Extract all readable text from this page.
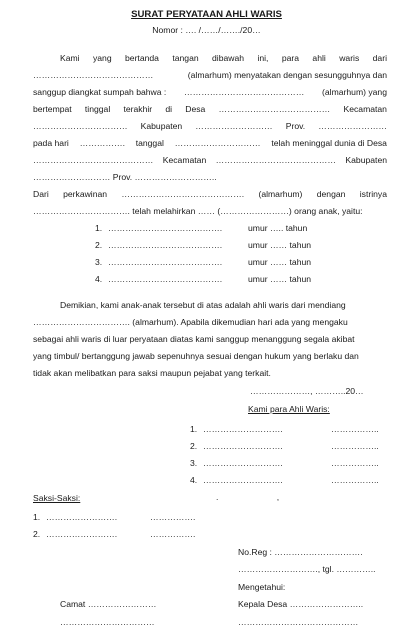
SURAT PERYATAAN AHLI WARIS
Nomor : …. /……/……./20…
Kami yang bertanda tangan dibawah ini, para ahli waris dari
……………………………………	(almarhum) menyatakan dengan sesungguhnya dan
sanggup diangkat sumpah bahwa : …………………………………… (almarhum) yang
bertempat tinggal terakhir di Desa ………………………………… Kecamatan
…………………………… Kabupaten ……………………… Prov. ……………………
pada hari ……………. tanggal ………………………… telah meninggal dunia di Desa
…………………………………… Kecamatan …………………………………… Kabupaten
……………………… Prov. ………………………..
Dari perkawinan ……………………………………. (almarhum) dengan istrinya
……………………………. telah melahirkan …… (……………………) orang anak, yaitu:
1. ………………………………….	umur ….. tahun
2. ………………………………….	umur …… tahun
3. ………………………………….	umur …… tahun
4. ………………………………….	umur …… tahun
Demikian, kami anak-anak tersebut di atas adalah ahli waris dari mendiang
……………………………. (almarhum). Apabila dikemudian hari ada yang mengaku
sebagai ahli waris di luar peryataan diatas kami sanggup menanggung segala akibat
yang timbul/ bertanggung jawab sepenuhnya sesuai dengan hukum yang berlaku dan
tidak akan melibatkan para saksi maupun pejabat yang terkait.
…………………, ………..20…
Kami para Ahli Waris:
1. ……………………….	……………..
2. ……………………….	……………..
3. ……………………….	……………..
4. ……………………….	……………..
Saksi-Saksi:	. ,
1. …………………….	…………….
2. …………………….	…………….
No.Reg : ………………………….
………………………., tgl. …………..
Mengetahui:
Camat ……………………	Kepala Desa ……………………..
……………………………	……………………………………
